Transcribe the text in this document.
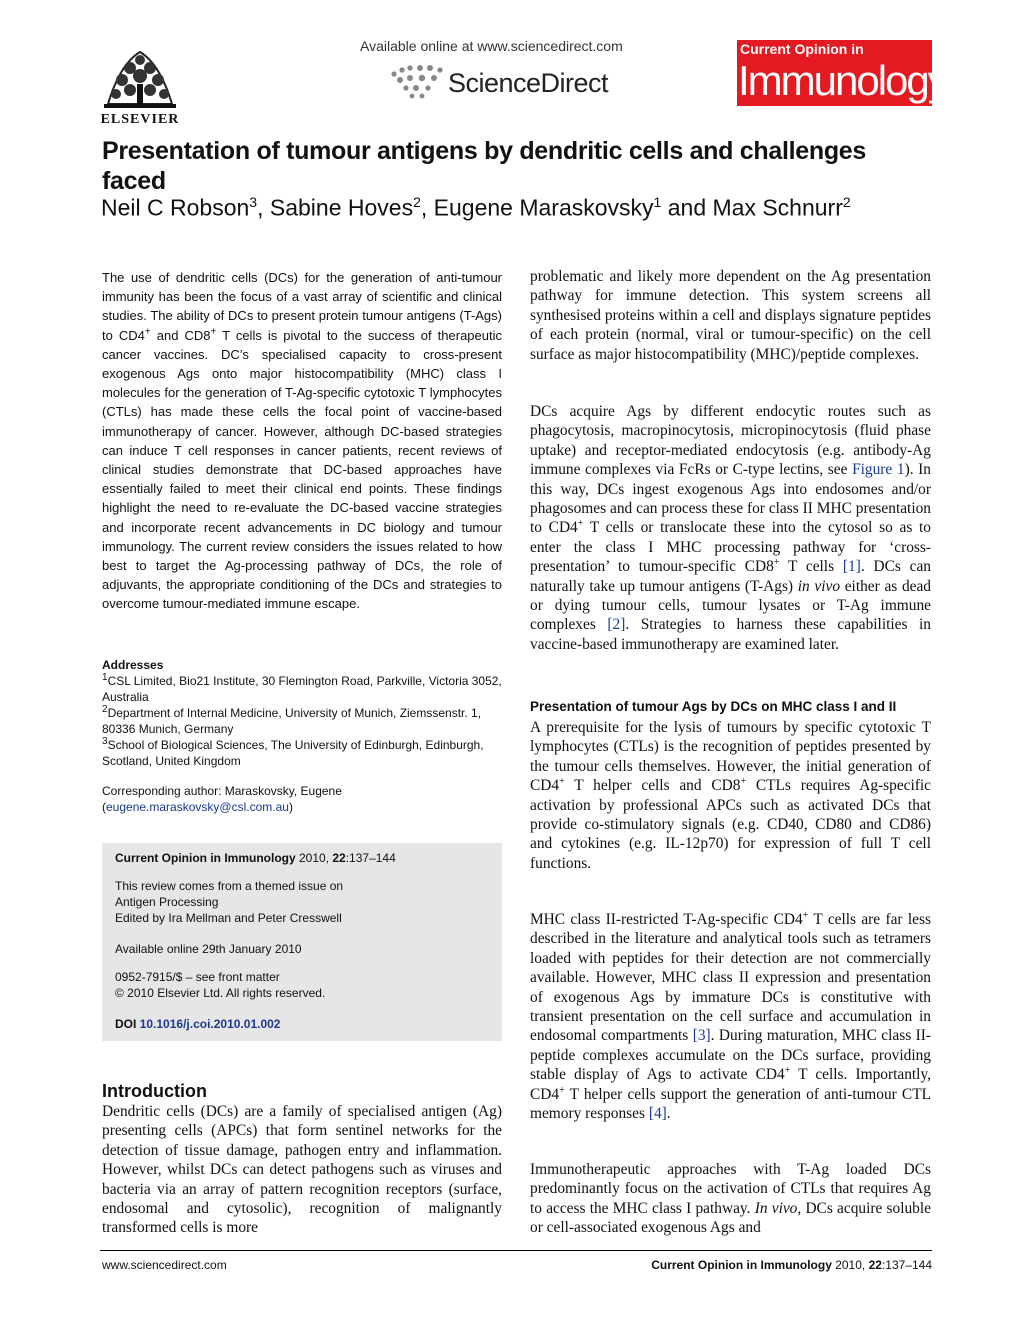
ELSEVIER
Available online at www.sciencedirect.com
ScienceDirect
Current Opinion in
Immunology
Presentation of tumour antigens by dendritic cells and challenges faced
Neil C Robson$^3$, Sabine Hoves$^2$, Eugene Maraskovsky$^1$ and Max Schnurr$^2$
The use of dendritic cells (DCs) for the generation of anti-tumour immunity has been the focus of a vast array of scientific and clinical studies. The ability of DCs to present protein tumour antigens (T-Ags) to CD4+ and CD8+ T cells is pivotal to the success of therapeutic cancer vaccines. DC’s specialised capacity to cross-present exogenous Ags onto major histocompatibility (MHC) class I molecules for the generation of T-Ag-specific cytotoxic T lymphocytes (CTLs) has made these cells the focal point of vaccine-based immunotherapy of cancer. However, although DC-based strategies can induce T cell responses in cancer patients, recent reviews of clinical studies demonstrate that DC-based approaches have essentially failed to meet their clinical end points. These findings highlight the need to re-evaluate the DC-based vaccine strategies and incorporate recent advancements in DC biology and tumour immunology. The current review considers the issues related to how best to target the Ag-processing pathway of DCs, the role of adjuvants, the appropriate conditioning of the DCs and strategies to overcome tumour-mediated immune escape.

Addresses

$^1$CSL Limited, Bio21 Institute, 30 Flemington Road, Parkville, Victoria 3052, Australia

$^2$Department of Internal Medicine, University of Munich, Ziemssenstr. 1, 80336 Munich, Germany

$^3$School of Biological Sciences, The University of Edinburgh, Edinburgh, Scotland, United Kingdom

Corresponding author: Maraskovsky, Eugene
(eugene.maraskovsky@csl.com.au)
Current Opinion in Immunology 2010, 22:137–144
This review comes from a themed issue on
Antigen Processing
Edited by Ira Mellman and Peter Cresswell
Available online 29th January 2010
0952-7915/$ – see front matter
© 2010 Elsevier Ltd. All rights reserved.
DOI 10.1016/j.coi.2010.01.002
Introduction
Dendritic cells (DCs) are a family of specialised antigen (Ag) presenting cells (APCs) that form sentinel networks for the detection of tissue damage, pathogen entry and inflammation. However, whilst DCs can detect pathogens such as viruses and bacteria via an array of pattern recognition receptors (surface, endosomal and cytosolic), recognition of malignantly transformed cells is more

problematic and likely more dependent on the Ag presentation pathway for immune detection. This system screens all synthesised proteins within a cell and displays signature peptides of each protein (normal, viral or tumour-specific) on the cell surface as major histocompatibility (MHC)/peptide complexes.

DCs acquire Ags by different endocytic routes such as phagocytosis, macropinocytosis, micropinocytosis (fluid phase uptake) and receptor-mediated endocytosis (e.g. antibody-Ag immune complexes via FcRs or C-type lectins, see Figure 1). In this way, DCs ingest exogenous Ags into endosomes and/or phagosomes and can process these for class II MHC presentation to CD4+ T cells or translocate these into the cytosol so as to enter the class I MHC processing pathway for ‘cross-presentation’ to tumour-specific CD8+ T cells [1]. DCs can naturally take up tumour antigens (T-Ags) in vivo either as dead or dying tumour cells, tumour lysates or T-Ag immune complexes [2]. Strategies to harness these capabilities in vaccine-based immunotherapy are examined later.

Presentation of tumour Ags by DCs on MHC class I and II

A prerequisite for the lysis of tumours by specific cytotoxic T lymphocytes (CTLs) is the recognition of peptides presented by the tumour cells themselves. However, the initial generation of CD4+ T helper cells and CD8+ CTLs requires Ag-specific activation by professional APCs such as activated DCs that provide co-stimulatory signals (e.g. CD40, CD80 and CD86) and cytokines (e.g. IL-12p70) for expression of full T cell functions.

MHC class II-restricted T-Ag-specific CD4+ T cells are far less described in the literature and analytical tools such as tetramers loaded with peptides for their detection are not commercially available. However, MHC class II expression and presentation of exogenous Ags by immature DCs is constitutive with transient presentation on the cell surface and accumulation in endosomal compartments [3]. During maturation, MHC class II-peptide complexes accumulate on the DCs surface, providing stable display of Ags to activate CD4+ T cells. Importantly, CD4+ T helper cells support the generation of anti-tumour CTL memory responses [4].

Immunotherapeutic approaches with T-Ag loaded DCs predominantly focus on the activation of CTLs that requires Ag to access the MHC class I pathway. In vivo, DCs acquire soluble or cell-associated exogenous Ags and

www.sciencedirect.com	Current Opinion in Immunology 2010, 22:137–144
